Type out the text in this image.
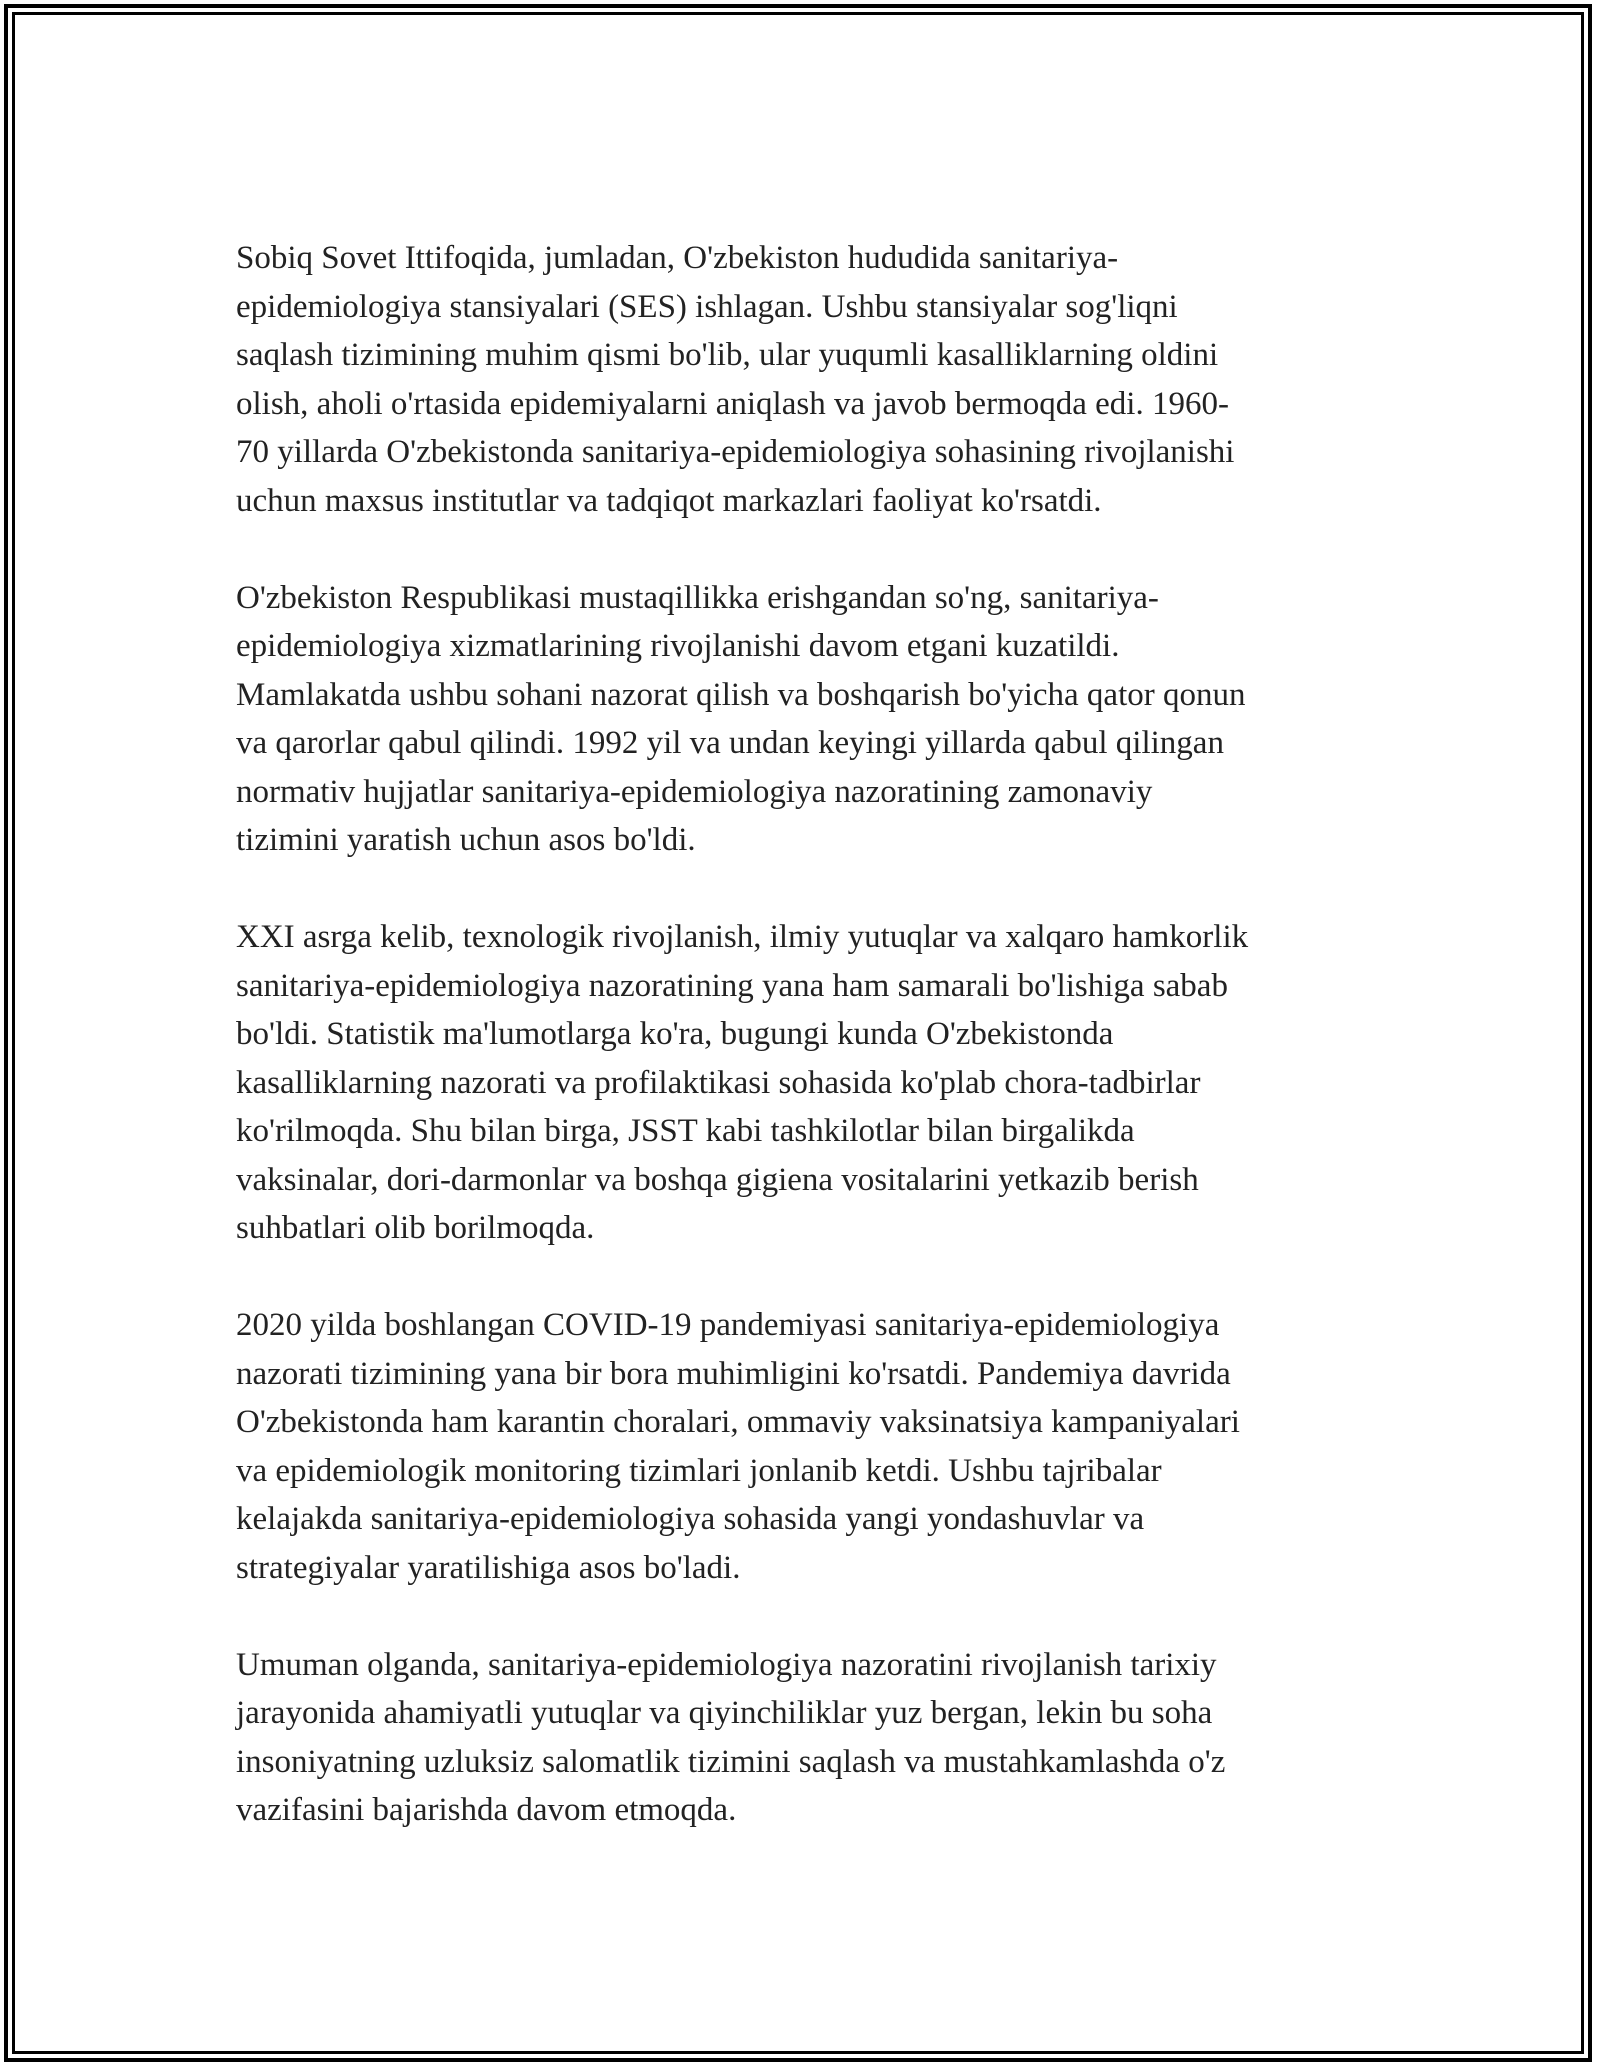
Sobiq Sovet Ittifoqida, jumladan, O'zbekiston hududida sanitariya-
epidemiologiya stansiyalari (SES) ishlagan. Ushbu stansiyalar sog'liqni
saqlash tizimining muhim qismi bo'lib, ular yuqumli kasalliklarning oldini
olish, aholi o'rtasida epidemiyalarni aniqlash va javob bermoqda edi. 1960-
70 yillarda O'zbekistonda sanitariya-epidemiologiya sohasining rivojlanishi
uchun maxsus institutlar va tadqiqot markazlari faoliyat ko'rsatdi.

O'zbekiston Respublikasi mustaqillikka erishgandan so'ng, sanitariya-
epidemiologiya xizmatlarining rivojlanishi davom etgani kuzatildi.
Mamlakatda ushbu sohani nazorat qilish va boshqarish bo'yicha qator qonun
va qarorlar qabul qilindi. 1992 yil va undan keyingi yillarda qabul qilingan
normativ hujjatlar sanitariya-epidemiologiya nazoratining zamonaviy
tizimini yaratish uchun asos bo'ldi.

XXI asrga kelib, texnologik rivojlanish, ilmiy yutuqlar va xalqaro hamkorlik
sanitariya-epidemiologiya nazoratining yana ham samarali bo'lishiga sabab
bo'ldi. Statistik ma'lumotlarga ko'ra, bugungi kunda O'zbekistonda
kasalliklarning nazorati va profilaktikasi sohasida ko'plab chora-tadbirlar
ko'rilmoqda. Shu bilan birga, JSST kabi tashkilotlar bilan birgalikda
vaksinalar, dori-darmonlar va boshqa gigiena vositalarini yetkazib berish
suhbatlari olib borilmoqda.

2020 yilda boshlangan COVID-19 pandemiyasi sanitariya-epidemiologiya
nazorati tizimining yana bir bora muhimligini ko'rsatdi. Pandemiya davrida
O'zbekistonda ham karantin choralari, ommaviy vaksinatsiya kampaniyalari
va epidemiologik monitoring tizimlari jonlanib ketdi. Ushbu tajribalar
kelajakda sanitariya-epidemiologiya sohasida yangi yondashuvlar va
strategiyalar yaratilishiga asos bo'ladi.

Umuman olganda, sanitariya-epidemiologiya nazoratini rivojlanish tarixiy
jarayonida ahamiyatli yutuqlar va qiyinchiliklar yuz bergan, lekin bu soha
insoniyatning uzluksiz salomatlik tizimini saqlash va mustahkamlashda o'z
vazifasini bajarishda davom etmoqda.
